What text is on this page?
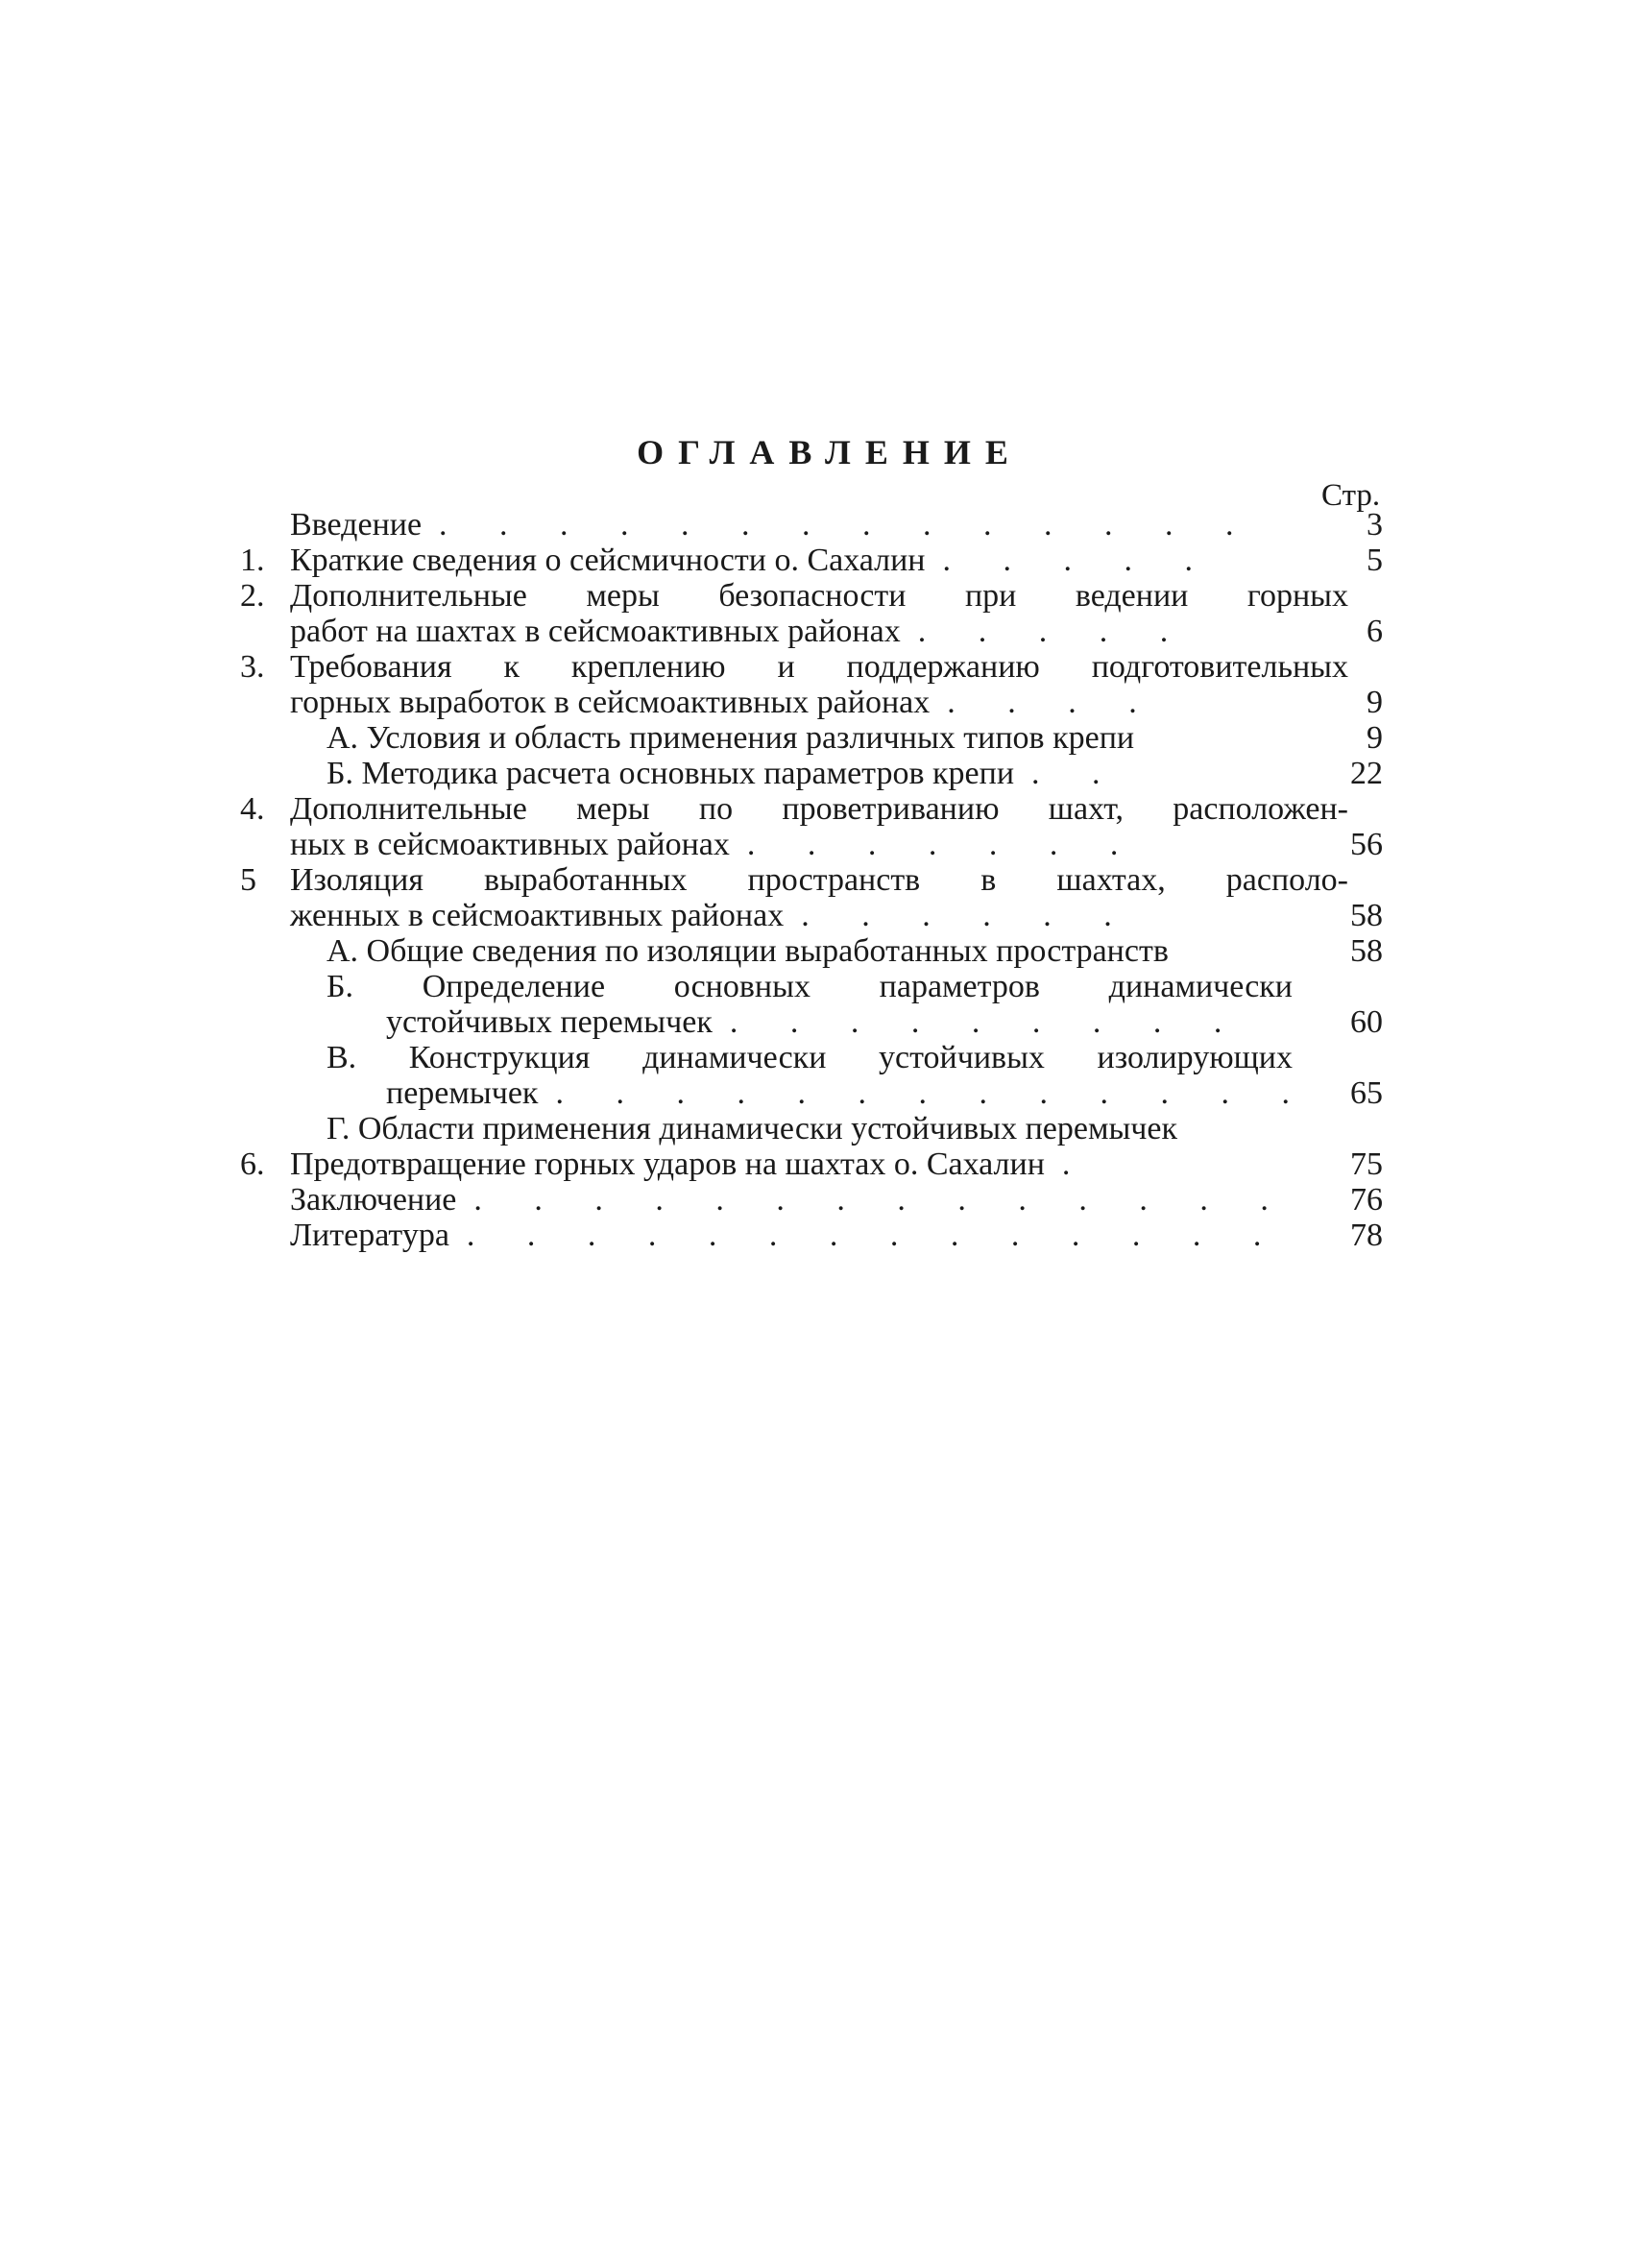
ОГЛАВЛЕНИЕ
Стр.
Введение . . . . . . . . . . . . . .	3
1. Краткие сведения о сейсмичности о. Сахалин . . . . .	5
2. Дополнительные меры безопасности при ведении горных
работ на шахтах в сейсмоактивных районах . . . . .	6
3. Требования к креплению и поддержанию подготовительных
горных выработок в сейсмоактивных районах . . . .	9
А. Условия и область применения различных типов крепи	9
Б. Методика расчета основных параметров крепи . .	22
4. Дополнительные меры по проветриванию шахт, расположен-
ных в сейсмоактивных районах . . . . . . .	56
5 Изоляция выработанных пространств в шахтах, располо-
женных в сейсмоактивных районах . . . . . .	58
А. Общие сведения по изоляции выработанных пространств	58
Б. Определение основных параметров динамически
устойчивых перемычек . . . . . . . . .	60
В. Конструкция динамически устойчивых изолирующих
перемычек . . . . . . . . . . . . . 65
Г. Области применения динамически устойчивых перемычек
6. Предотвращение горных ударов на шахтах о. Сахалин .	75
Заключение . . . . . . . . . . . . . . 76
Литература . . . . . . . . . . . . . . 78
